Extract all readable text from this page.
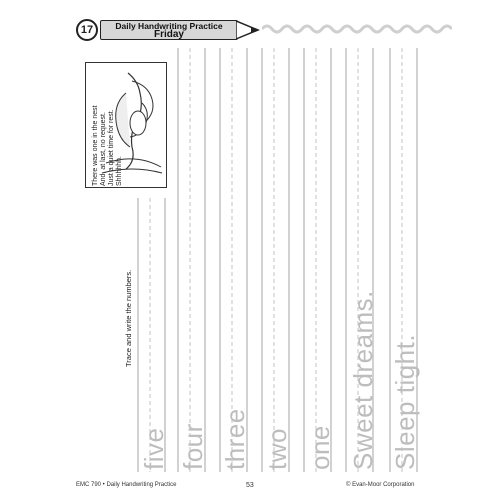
17	Daily Handwriting Practice
Friday
There was one in the nest And, at last, no request. Just a quiet time for rest. Shhhhhh.
Trace and write the numbers.
five four three two one Sweet dreams. Sleep tight.
EMC 790 • Daily Handwriting Practice	53	© Evan-Moor Corporation
